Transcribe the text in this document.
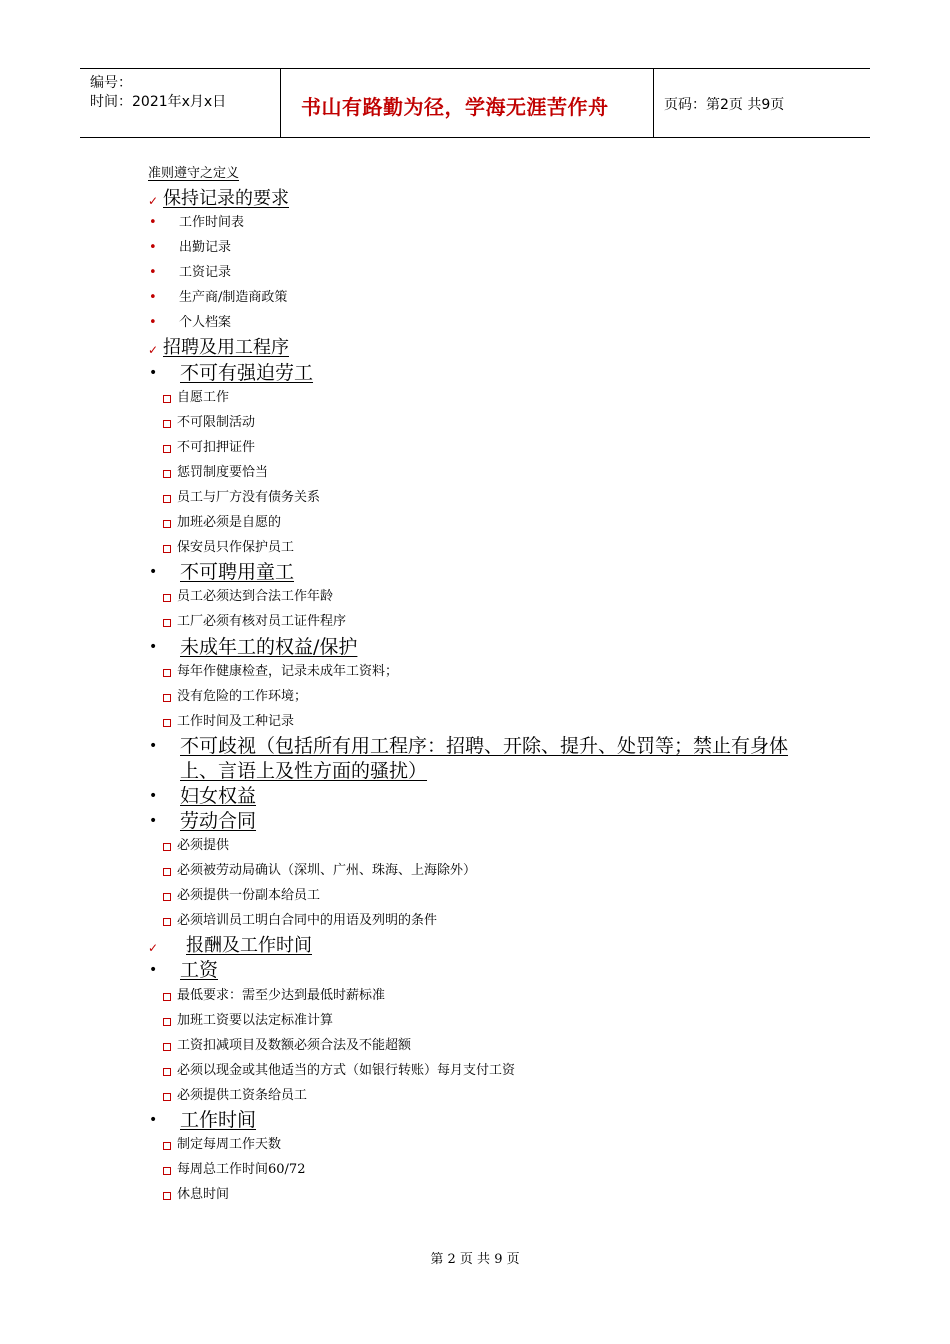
编号：
时间：2021年x月x日	书山有路勤为径，学海无涯苦作舟	页码：第2页 共9页
准则遵守之定义
✓ 保持记录的要求
• 工作时间表
• 出勤记录
• 工资记录
• 生产商/制造商政策
• 个人档案
✓ 招聘及用工程序
• 不可有强迫劳工
自愿工作
不可限制活动
不可扣押证件
惩罚制度要恰当
员工与厂方没有债务关系
加班必须是自愿的
保安员只作保护员工
• 不可聘用童工
员工必须达到合法工作年龄
工厂必须有核对员工证件程序
• 未成年工的权益/保护
每年作健康检查，记录未成年工资料；
没有危险的工作环境；
工作时间及工种记录
• 不可歧视（包括所有用工程序：招聘、开除、提升、处罚等；禁止有身体
上、言语上及性方面的骚扰）
• 妇女权益
• 劳动合同
必须提供
必须被劳动局确认（深圳、广州、珠海、上海除外）
必须提供一份副本给员工
必须培训员工明白合同中的用语及列明的条件
✓ 报酬及工作时间
• 工资
最低要求：需至少达到最低时薪标准
加班工资要以法定标准计算
工资扣减项目及数额必须合法及不能超额
必须以现金或其他适当的方式（如银行转账）每月支付工资
必须提供工资条给员工
• 工作时间
制定每周工作天数
每周总工作时间60/72
休息时间
第 2 页 共 9 页
